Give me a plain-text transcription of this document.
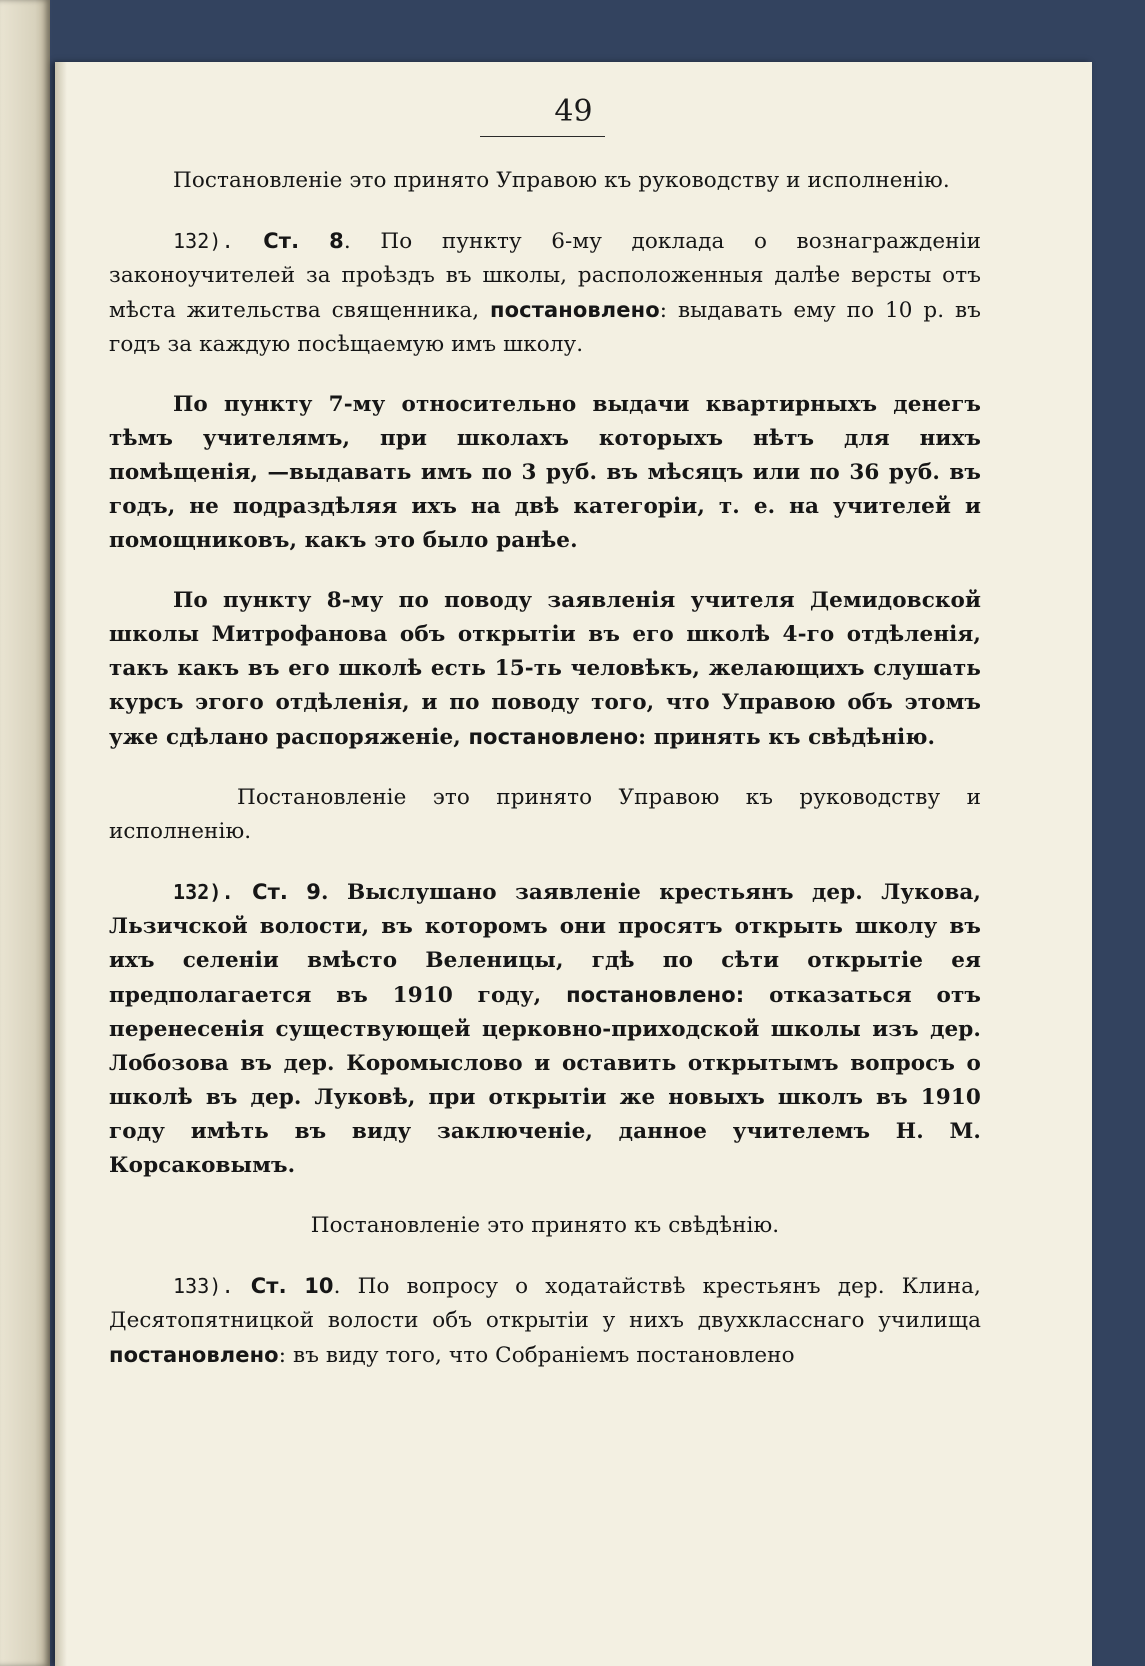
49

Постановленіе это принято Управою къ руководству и исполненію.

132). Ст. 8. По пункту 6-му доклада о вознагражденіи законоучителей за проѣздъ въ школы, расположенныя далѣе версты отъ мѣста жительства священника, постановлено: выдавать ему по 10 р. въ годъ за каждую посѣщаемую имъ школу.

По пункту 7-му относительно выдачи квартирныхъ денегъ тѣмъ учителямъ, при школахъ которыхъ нѣтъ для нихъ помѣщенія, —выдавать имъ по 3 руб. въ мѣсяцъ или по 36 руб. въ годъ, не подраздѣляя ихъ на двѣ категоріи, т. е. на учителей и помощниковъ, какъ это было ранѣе.

По пункту 8-му по поводу заявленія учителя Демидовской школы Митрофанова объ открытіи въ его школѣ 4-го отдѣленія, такъ какъ въ его школѣ есть 15-ть человѣкъ, желающихъ слушать курсъ эгого отдѣленія, и по поводу того, что Управою объ этомъ уже сдѣлано распоряженіе, постановлено: принять къ свѣдѣнію.

Постановленіе это принято Управою къ руководству и исполненію.

132). Ст. 9. Выслушано заявленіе крестьянъ дер. Лукова, Льзичской волости, въ которомъ они просятъ открыть школу въ ихъ селеніи вмѣсто Веленицы, гдѣ по сѣти открытіе ея предполагается въ 1910 году, постановлено: отказаться отъ перенесенія существующей церковно-приходской школы изъ дер. Лобозова въ дер. Коромыслово и оставить открытымъ вопросъ о школѣ въ дер. Луковѣ, при открытіи же новыхъ школъ въ 1910 году имѣть въ виду заключеніе, данное учителемъ Н. М. Корсаковымъ.

Постановленіе это принято къ свѣдѣнію.

133). Ст. 10. По вопросу о ходатайствѣ крестьянъ дер. Клина, Десятопятницкой волости объ открытіи у нихъ двухкласснаго училища постановлено: въ виду того, что Собраніемъ постановлено
